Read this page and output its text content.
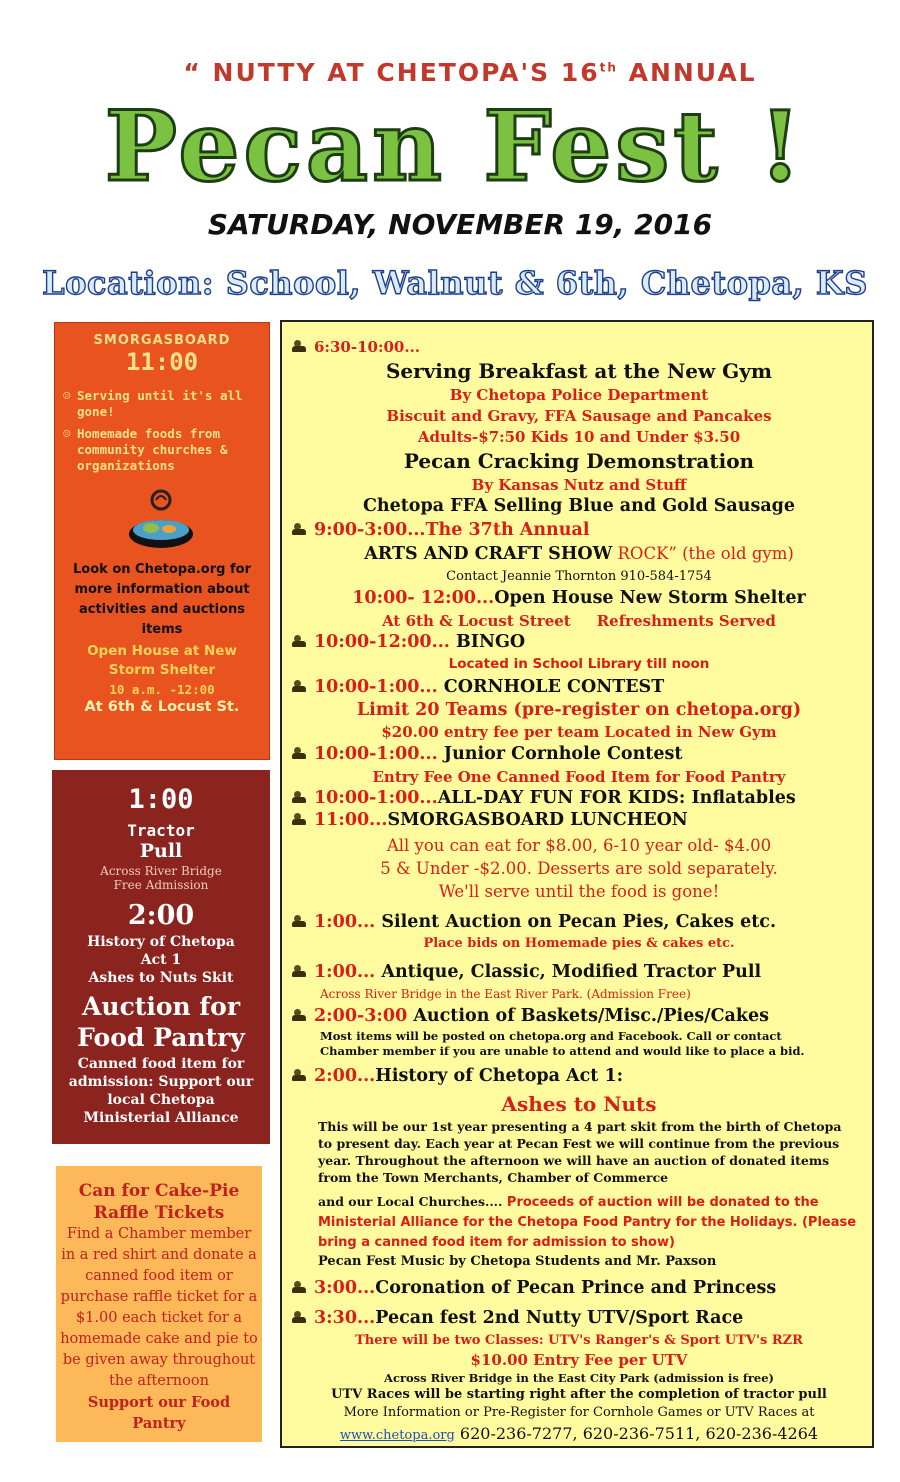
“ NUTTY AT CHETOPA'S 16th ANNUAL
Pecan Fest !
SATURDAY, NOVEMBER 19, 2016
Location: School, Walnut & 6th, Chetopa, KS

SMORGASBOARD

11:00

☺ Serving until it's all gone!

☺ Homemade foods from community churches & organizations

Look on Chetopa.org for more information about activities and auctions items

Open House at New Storm Shelter

10 a.m. -12:00

At 6th & Locust St.

1:00

Tractor

Pull

Across River Bridge

Free Admission

2:00

History of Chetopa

Act 1

Ashes to Nuts Skit

Auction for

Food Pantry

Canned food item for admission: Support our local Chetopa Ministerial Alliance

Can for Cake-Pie

Raffle Tickets

Find a Chamber member in a red shirt and donate a canned food item or purchase raffle ticket for a $1.00 each ticket for a homemade cake and pie to be given away throughout the afternoon

Support our Food Pantry

6:30-10:00...
Serving Breakfast at the New Gym
By Chetopa Police Department
Biscuit and Gravy, FFA Sausage and Pancakes
Adults-$7:50 Kids 10 and Under $3.50
Pecan Cracking Demonstration
By Kansas Nutz and Stuff
Chetopa FFA Selling Blue and Gold Sausage
9:00-3:00...The 37th Annual
ARTS AND CRAFT SHOW ROCK” (the old gym)
Contact Jeannie Thornton 910-584-1754
10:00- 12:00...Open House New Storm Shelter
At 6th & Locust Street Refreshments Served
10:00-12:00... BINGO
Located in School Library till noon
10:00-1:00... CORNHOLE CONTEST
Limit 20 Teams (pre-register on chetopa.org)
$20.00 entry fee per team Located in New Gym
10:00-1:00... Junior Cornhole Contest
Entry Fee One Canned Food Item for Food Pantry
10:00-1:00...ALL-DAY FUN FOR KIDS: Inflatables
11:00...SMORGASBOARD LUNCHEON
All you can eat for $8.00, 6-10 year old- $4.00
5 & Under -$2.00. Desserts are sold separately.
We'll serve until the food is gone!
1:00... Silent Auction on Pecan Pies, Cakes etc.
Place bids on Homemade pies & cakes etc.
1:00... Antique, Classic, Modified Tractor Pull
Across River Bridge in the East River Park. (Admission Free)
2:00-3:00 Auction of Baskets/Misc./Pies/Cakes
Most items will be posted on chetopa.org and Facebook. Call or contact
Chamber member if you are unable to attend and would like to place a bid.
2:00...History of Chetopa Act 1:
Ashes to Nuts
This will be our 1st year presenting a 4 part skit from the birth of Chetopa to present day. Each year at Pecan Fest we will continue from the previous year. Throughout the afternoon we will have an auction of donated items from the Town Merchants, Chamber of Commerce
and our Local Churches.... Proceeds of auction will be donated to the Ministerial Alliance for the Chetopa Food Pantry for the Holidays. (Please bring a canned food item for admission to show)
Pecan Fest Music by Chetopa Students and Mr. Paxson
3:00...Coronation of Pecan Prince and Princess
3:30...Pecan fest 2nd Nutty UTV/Sport Race
There will be two Classes: UTV's Ranger's & Sport UTV's RZR
$10.00 Entry Fee per UTV
Across River Bridge in the East City Park (admission is free)
UTV Races will be starting right after the completion of tractor pull
More Information or Pre-Register for Cornhole Games or UTV Races at
www.chetopa.org 620-236-7277, 620-236-7511, 620-236-4264
